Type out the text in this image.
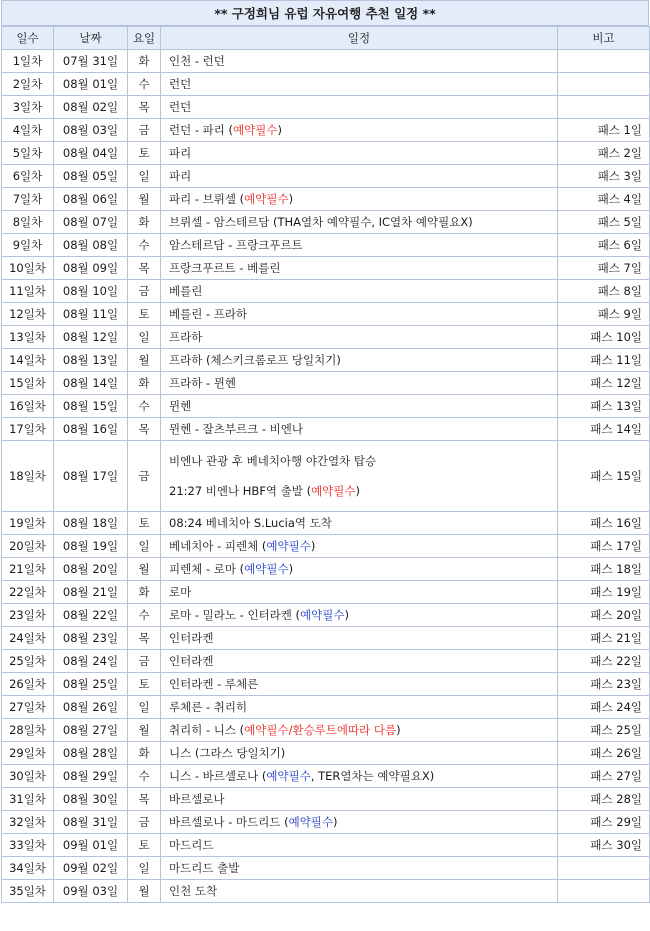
** 구정희님 유럽 자유여행 추천 일정 **
일수	날짜	요일	일정	비고
1일차	07월 31일	화	인천 - 런던	
2일차	08월 01일	수	런던	
3일차	08월 02일	목	런던	
4일차	08월 03일	금	런던 - 파리 (예약필수)	패스 1일
5일차	08월 04일	토	파리	패스 2일
6일차	08월 05일	일	파리	패스 3일
7일차	08월 06일	월	파리 - 브뤼셀 (예약필수)	패스 4일
8일차	08월 07일	화	브뤼셀 - 암스테르담 (THA열차 예약필수, IC열차 예약필요X)	패스 5일
9일차	08월 08일	수	암스테르담 - 프랑크푸르트	패스 6일
10일차	08월 09일	목	프랑크푸르트 - 베를린	패스 7일
11일차	08월 10일	금	베를린	패스 8일
12일차	08월 11일	토	베를린 - 프라하	패스 9일
13일차	08월 12일	일	프라하	패스 10일
14일차	08월 13일	월	프라하 (체스키크롬로프 당일치기)	패스 11일
15일차	08월 14일	화	프라하 - 뮌헨	패스 12일
16일차	08월 15일	수	뮌헨	패스 13일
17일차	08월 16일	목	뮌헨 - 잘츠부르크 - 비엔나	패스 14일
18일차	08월 17일	금	비엔나 관광 후 베네치아행 야간열차 탑승
21:27 비엔나 HBF역 출발 (예약필수)	패스 15일
19일차	08월 18일	토	08:24 베네치아 S.Lucia역 도착	패스 16일
20일차	08월 19일	일	베네치아 - 피렌체 (예약필수)	패스 17일
21일차	08월 20일	월	피렌체 - 로마 (예약필수)	패스 18일
22일차	08월 21일	화	로마	패스 19일
23일차	08월 22일	수	로마 - 밀라노 - 인터라켄 (예약필수)	패스 20일
24일차	08월 23일	목	인터라켄	패스 21일
25일차	08월 24일	금	인터라켄	패스 22일
26일차	08월 25일	토	인터라켄 - 루체른	패스 23일
27일차	08월 26일	일	루체른 - 취리히	패스 24일
28일차	08월 27일	월	취리히 - 니스 (예약필수/환승루트에따라 다름)	패스 25일
29일차	08월 28일	화	니스 (그라스 당일치기)	패스 26일
30일차	08월 29일	수	니스 - 바르셀로나 (예약필수, TER열차는 예약필요X)	패스 27일
31일차	08월 30일	목	바르셀로나	패스 28일
32일차	08월 31일	금	바르셀로나 - 마드리드 (예약필수)	패스 29일
33일차	09월 01일	토	마드리드	패스 30일
34일차	09월 02일	일	마드리드 출발	
35일차	09월 03일	월	인천 도착	
